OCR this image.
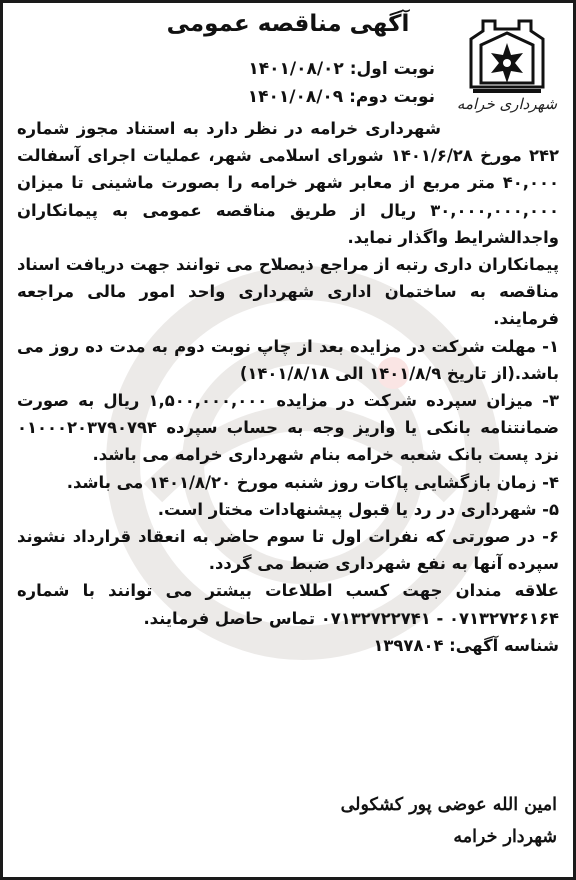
شهرداری خرامه
آگهی مناقصه عمومی
نوبت اول: ۱۴۰۱/۰۸/۰۲
نوبت دوم: ۱۴۰۱/۰۸/۰۹

شهرداری خرامه در نظر دارد به استناد مجوز شماره ۲۴۲ مورخ ۱۴۰۱/۶/۲۸ شورای اسلامی شهر، عملیات اجرای آسفالت ۴۰,۰۰۰ متر مربع از معابر شهر خرامه را بصورت ماشینی تا میزان ۳۰,۰۰۰,۰۰۰,۰۰۰ ریال از طریق مناقصه عمومی به پیمانکاران واجدالشرایط واگذار نماید.

پیمانکاران داری رتبه از مراجع ذیصلاح می توانند جهت دریافت اسناد مناقصه به ساختمان اداری شهرداری واحد امور مالی مراجعه فرمایند.

۱- مهلت شرکت در مزایده بعد از چاپ نوبت دوم به مدت ده روز می باشد.(از تاریخ ۱۴۰۱/۸/۹ الی ۱۴۰۱/۸/۱۸)

۳- میزان سپرده شرکت در مزایده ۱,۵۰۰,۰۰۰,۰۰۰ ریال به صورت ضمانتنامه بانکی یا واریز وجه به حساب سپرده ۰۱۰۰۰۲۰۳۷۹۰۷۹۴ نزد پست بانک شعبه خرامه بنام شهرداری خرامه می باشد.

۴- زمان بازگشایی پاکات روز شنبه مورخ ۱۴۰۱/۸/۲۰ می باشد.

۵- شهرداری در رد یا قبول پیشنهادات مختار است.

۶- در صورتی که نفرات اول تا سوم حاضر به انعقاد قرارداد نشوند سپرده آنها به نفع شهرداری ضبط می گردد.

علاقه مندان جهت کسب اطلاعات بیشتر می توانند با شماره ۰۷۱۳۲۷۲۶۱۶۴ - ۰۷۱۳۲۷۲۲۷۴۱ تماس حاصل فرمایند.

شناسه آگهی: ۱۳۹۷۸۰۴

امین الله عوضی پور کشکولی
شهردار خرامه
